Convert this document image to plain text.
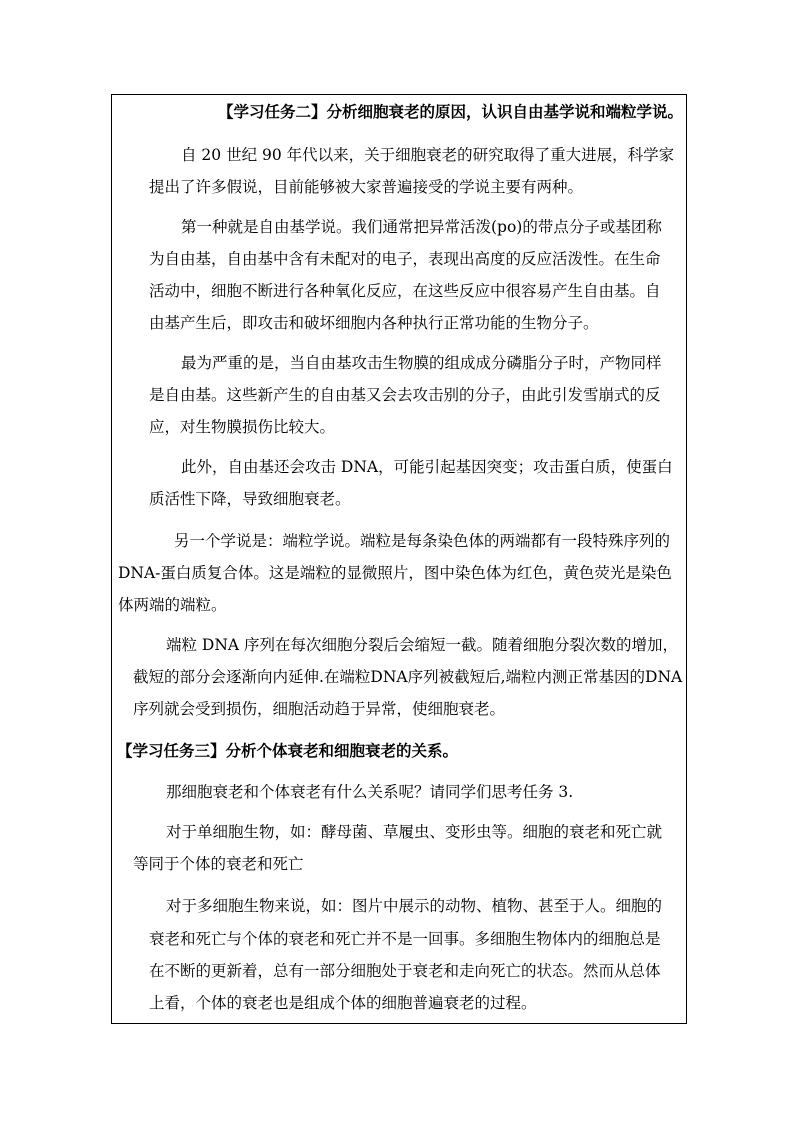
【学习任务二】分析细胞衰老的原因，认识自由基学说和端粒学说。
自 20 世纪 90 年代以来，关于细胞衰老的研究取得了重大进展，科学家
提出了许多假说，目前能够被大家普遍接受的学说主要有两种。
第一种就是自由基学说。我们通常把异常活泼(po)的带点分子或基团称
为自由基，自由基中含有未配对的电子，表现出高度的反应活泼性。在生命
活动中，细胞不断进行各种氧化反应，在这些反应中很容易产生自由基。自
由基产生后，即攻击和破坏细胞内各种执行正常功能的生物分子。
最为严重的是，当自由基攻击生物膜的组成成分磷脂分子时，产物同样
是自由基。这些新产生的自由基又会去攻击别的分子，由此引发雪崩式的反
应，对生物膜损伤比较大。
此外，自由基还会攻击 DNA，可能引起基因突变；攻击蛋白质，使蛋白
质活性下降，导致细胞衰老。
另一个学说是：端粒学说。端粒是每条染色体的两端都有一段特殊序列的
DNA-蛋白质复合体。这是端粒的显微照片，图中染色体为红色，黄色荧光是染色
体两端的端粒。
端粒 DNA 序列在每次细胞分裂后会缩短一截。随着细胞分裂次数的增加，
截短的部分会逐渐向内延伸.在端粒DNA序列被截短后,端粒内测正常基因的DNA
序列就会受到损伤，细胞活动趋于异常，使细胞衰老。
【学习任务三】分析个体衰老和细胞衰老的关系。
那细胞衰老和个体衰老有什么关系呢？请同学们思考任务 3.
对于单细胞生物，如：酵母菌、草履虫、变形虫等。细胞的衰老和死亡就
等同于个体的衰老和死亡
对于多细胞生物来说，如：图片中展示的动物、植物、甚至于人。细胞的
衰老和死亡与个体的衰老和死亡并不是一回事。多细胞生物体内的细胞总是
在不断的更新着，总有一部分细胞处于衰老和走向死亡的状态。然而从总体
上看，个体的衰老也是组成个体的细胞普遍衰老的过程。
